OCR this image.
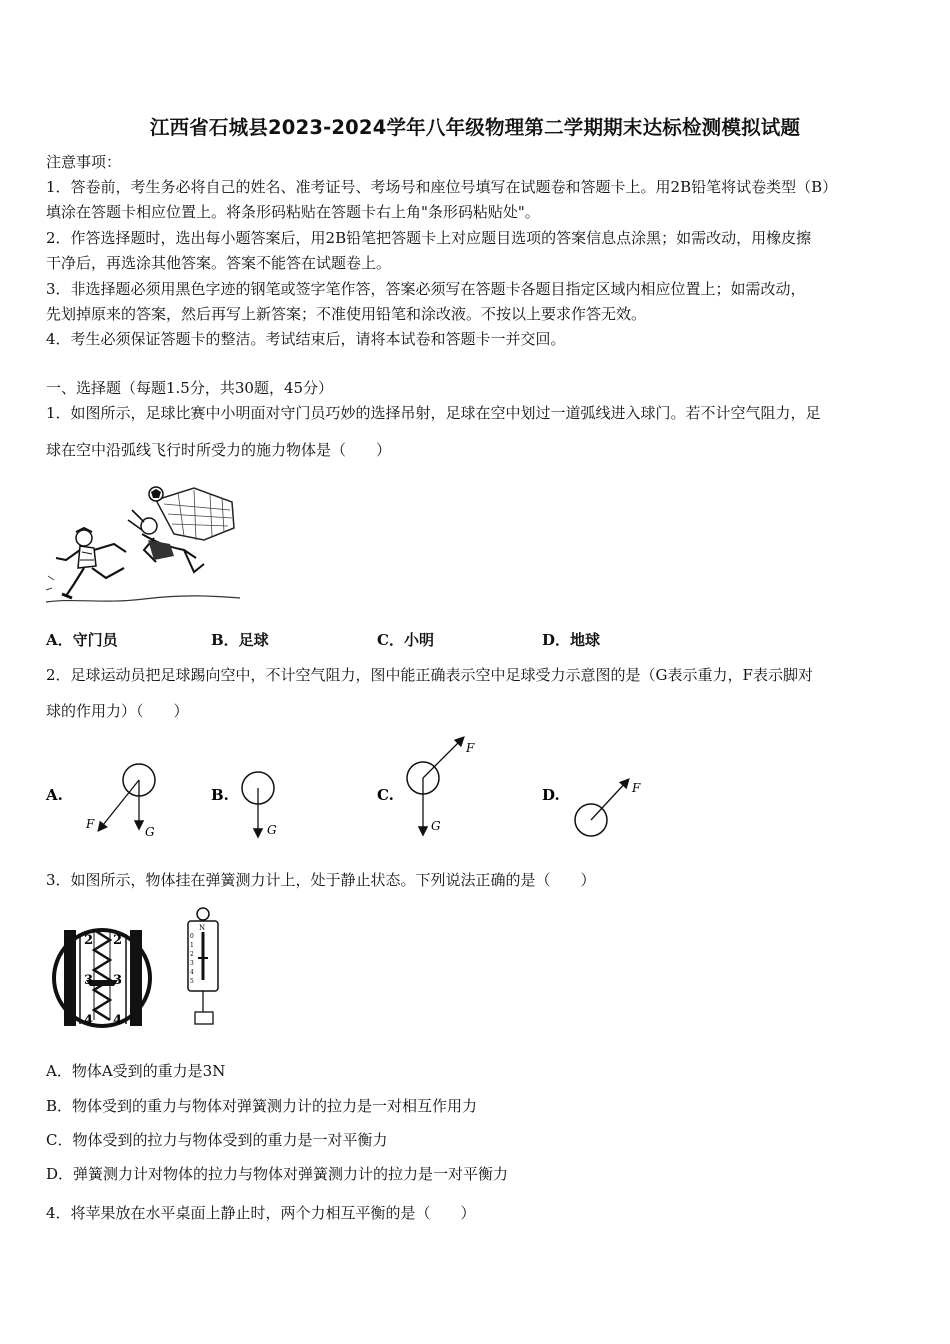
江西省石城县2023-2024学年八年级物理第二学期期末达标检测模拟试题
注意事项：
1．答卷前，考生务必将自己的姓名、准考证号、考场号和座位号填写在试题卷和答题卡上。用2B铅笔将试卷类型（B）
填涂在答题卡相应位置上。将条形码粘贴在答题卡右上角"条形码粘贴处"。
2．作答选择题时，选出每小题答案后，用2B铅笔把答题卡上对应题目选项的答案信息点涂黑；如需改动，用橡皮擦
干净后，再选涂其他答案。答案不能答在试题卷上。
3．非选择题必须用黑色字迹的钢笔或签字笔作答，答案必须写在答题卡各题目指定区域内相应位置上；如需改动，
先划掉原来的答案，然后再写上新答案；不准使用铅笔和涂改液。不按以上要求作答无效。
4．考生必须保证答题卡的整洁。考试结束后，请将本试卷和答题卡一并交回。
一、选择题（每题1.5分，共30题，45分）
1．如图所示，足球比赛中小明面对守门员巧妙的选择吊射，足球在空中划过一道弧线进入球门。若不计空气阻力，足
球在空中沿弧线飞行时所受力的施力物体是（　　）
A．守门员	B．足球	C．小明	D．地球
2．足球运动员把足球踢向空中，不计空气阻力，图中能正确表示空中足球受力示意图的是（G表示重力，F表示脚对
球的作用力）（　　）
A.
F
G
B.
G
C.
F
G
D.	F
3．如图所示，物体挂在弹簧测力计上，处于静止状态。下列说法正确的是（　　）
2
3
4
2
3
4
N
0
1
2
3
4
5
A．物体A受到的重力是3N
B．物体受到的重力与物体对弹簧测力计的拉力是一对相互作用力
C．物体受到的拉力与物体受到的重力是一对平衡力
D．弹簧测力计对物体的拉力与物体对弹簧测力计的拉力是一对平衡力
4．将苹果放在水平桌面上静止时，两个力相互平衡的是（　　）
